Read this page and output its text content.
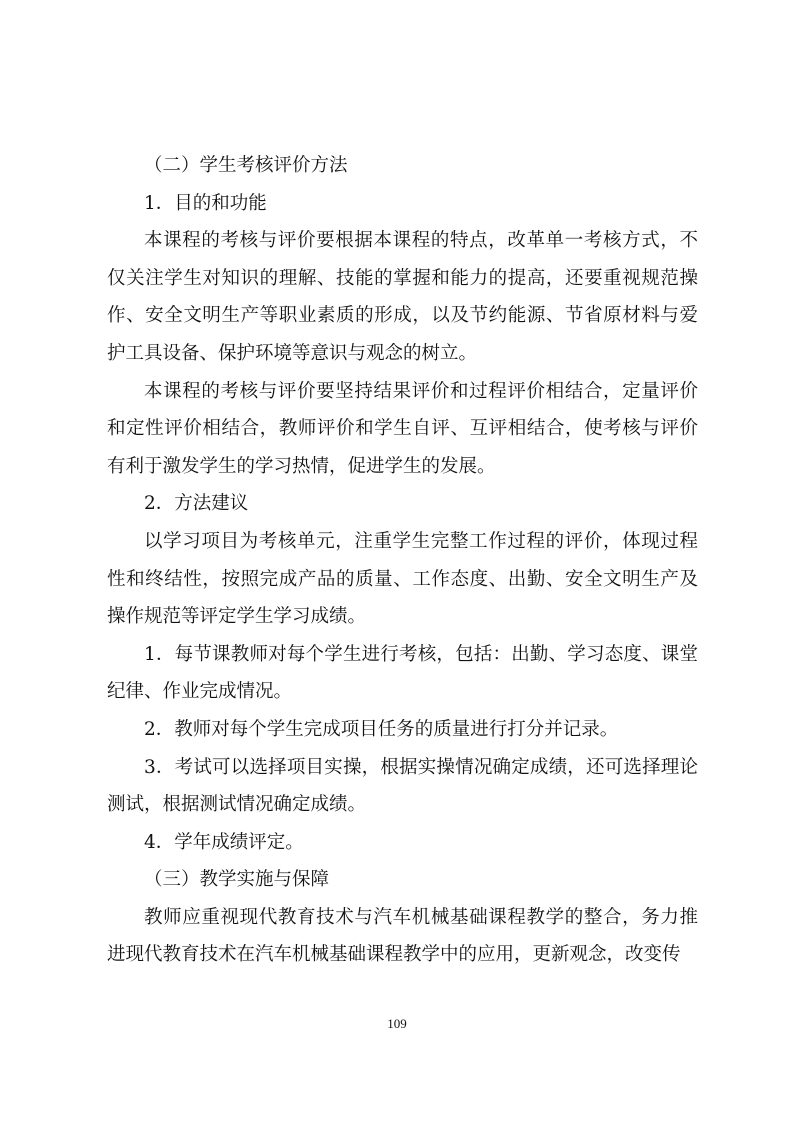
（二）学生考核评价方法

1．目的和功能

本课程的考核与评价要根据本课程的特点，改革单一考核方式，不仅关注学生对知识的理解、技能的掌握和能力的提高，还要重视规范操作、安全文明生产等职业素质的形成，以及节约能源、节省原材料与爱护工具设备、保护环境等意识与观念的树立。

本课程的考核与评价要坚持结果评价和过程评价相结合，定量评价和定性评价相结合，教师评价和学生自评、互评相结合，使考核与评价有利于激发学生的学习热情，促进学生的发展。

2．方法建议

以学习项目为考核单元，注重学生完整工作过程的评价，体现过程性和终结性，按照完成产品的质量、工作态度、出勤、安全文明生产及操作规范等评定学生学习成绩。

1．每节课教师对每个学生进行考核，包括：出勤、学习态度、课堂纪律、作业完成情况。

2．教师对每个学生完成项目任务的质量进行打分并记录。

3．考试可以选择项目实操，根据实操情况确定成绩，还可选择理论测试，根据测试情况确定成绩。

4．学年成绩评定。

（三）教学实施与保障

教师应重视现代教育技术与汽车机械基础课程教学的整合，务力推进现代教育技术在汽车机械基础课程教学中的应用，更新观念，改变传

109
